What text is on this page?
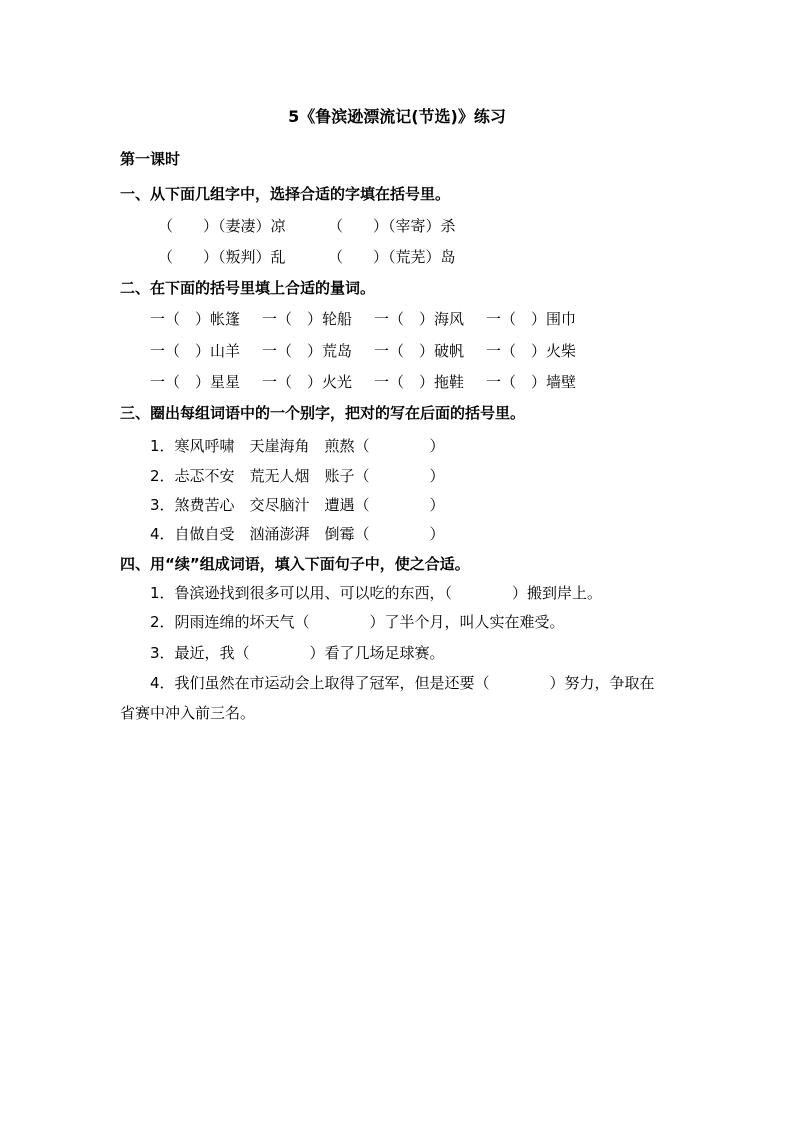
5《鲁滨逊漂流记(节选)》练习
第一课时
一、从下面几组字中，选择合适的字填在括号里。
（　　）（妻凄）凉	（　　）（宰寄）杀
（　　）（叛判）乱	（　　）（荒芜）岛
二、在下面的括号里填上合适的量词。
一（　）帐篷 一（　）轮船 一（　）海风 一（　）围巾
一（　）山羊 一（　）荒岛 一（　）破帆 一（　）火柴
一（　）星星 一（　）火光 一（　）拖鞋 一（　）墙壁
三、圈出每组词语中的一个别字，把对的写在后面的括号里。
1．寒风呼啸　天崖海角　煎熬（　　　　）
2．忐忑不安　荒无人烟　账子（　　　　）
3．煞费苦心　交尽脑汁　遭遇（　　　　）
4．自做自受　汹涌澎湃　倒霉（　　　　）
四、用“续”组成词语，填入下面句子中，使之合适。
1．鲁滨逊找到很多可以用、可以吃的东西，（　　　　）搬到岸上。
2．阴雨连绵的坏天气（　　　　）了半个月，叫人实在难受。
3．最近，我（　　　　）看了几场足球赛。
4．我们虽然在市运动会上取得了冠军，但是还要（　　　　）努力，争取在
省赛中冲入前三名。
